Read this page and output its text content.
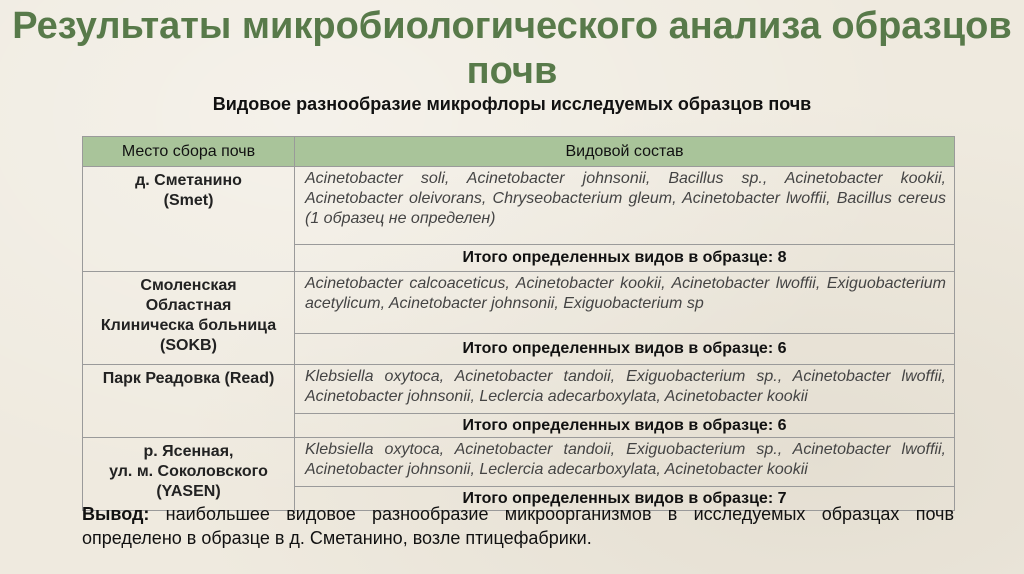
Результаты микробиологического анализа образцов почв
Видовое разнообразие микрофлоры исследуемых образцов почв
Место сбора почв	Видовой состав

д. Сметанино
(Smet)	Acinetobacter soli, Acinetobacter johnsonii, Bacillus sp., Acinetobacter kookii, Acinetobacter oleivorans, Chryseobacterium gleum, Acinetobacter lwoffii, Bacillus cereus (1 образец не определен)
	Итого определенных видов в образце: 8

Смоленская
Областная
Клиническа больница
(SOKB)	Acinetobacter calcoaceticus, Acinetobacter kookii, Acinetobacter lwoffii, Exiguobacterium acetylicum, Acinetobacter johnsonii, Exiguobacterium sp
	Итого определенных видов в образце: 6

Парк Реадовка (Read)	Klebsiella oxytoca, Acinetobacter tandoii, Exiguobacterium sp., Acinetobacter lwoffii, Acinetobacter johnsonii, Leclercia adecarboxylata, Acinetobacter kookii
	Итого определенных видов в образце: 6

р. Ясенная,
ул. м. Соколовского
(YASEN)	Klebsiella oxytoca, Acinetobacter tandoii, Exiguobacterium sp., Acinetobacter lwoffii, Acinetobacter johnsonii, Leclercia adecarboxylata, Acinetobacter kookii
	Итого определенных видов в образце: 7
Вывод: наибольшее видовое разнообразие микроорганизмов в исследуемых образцах почв определено в образце в д. Сметанино, возле птицефабрики.
